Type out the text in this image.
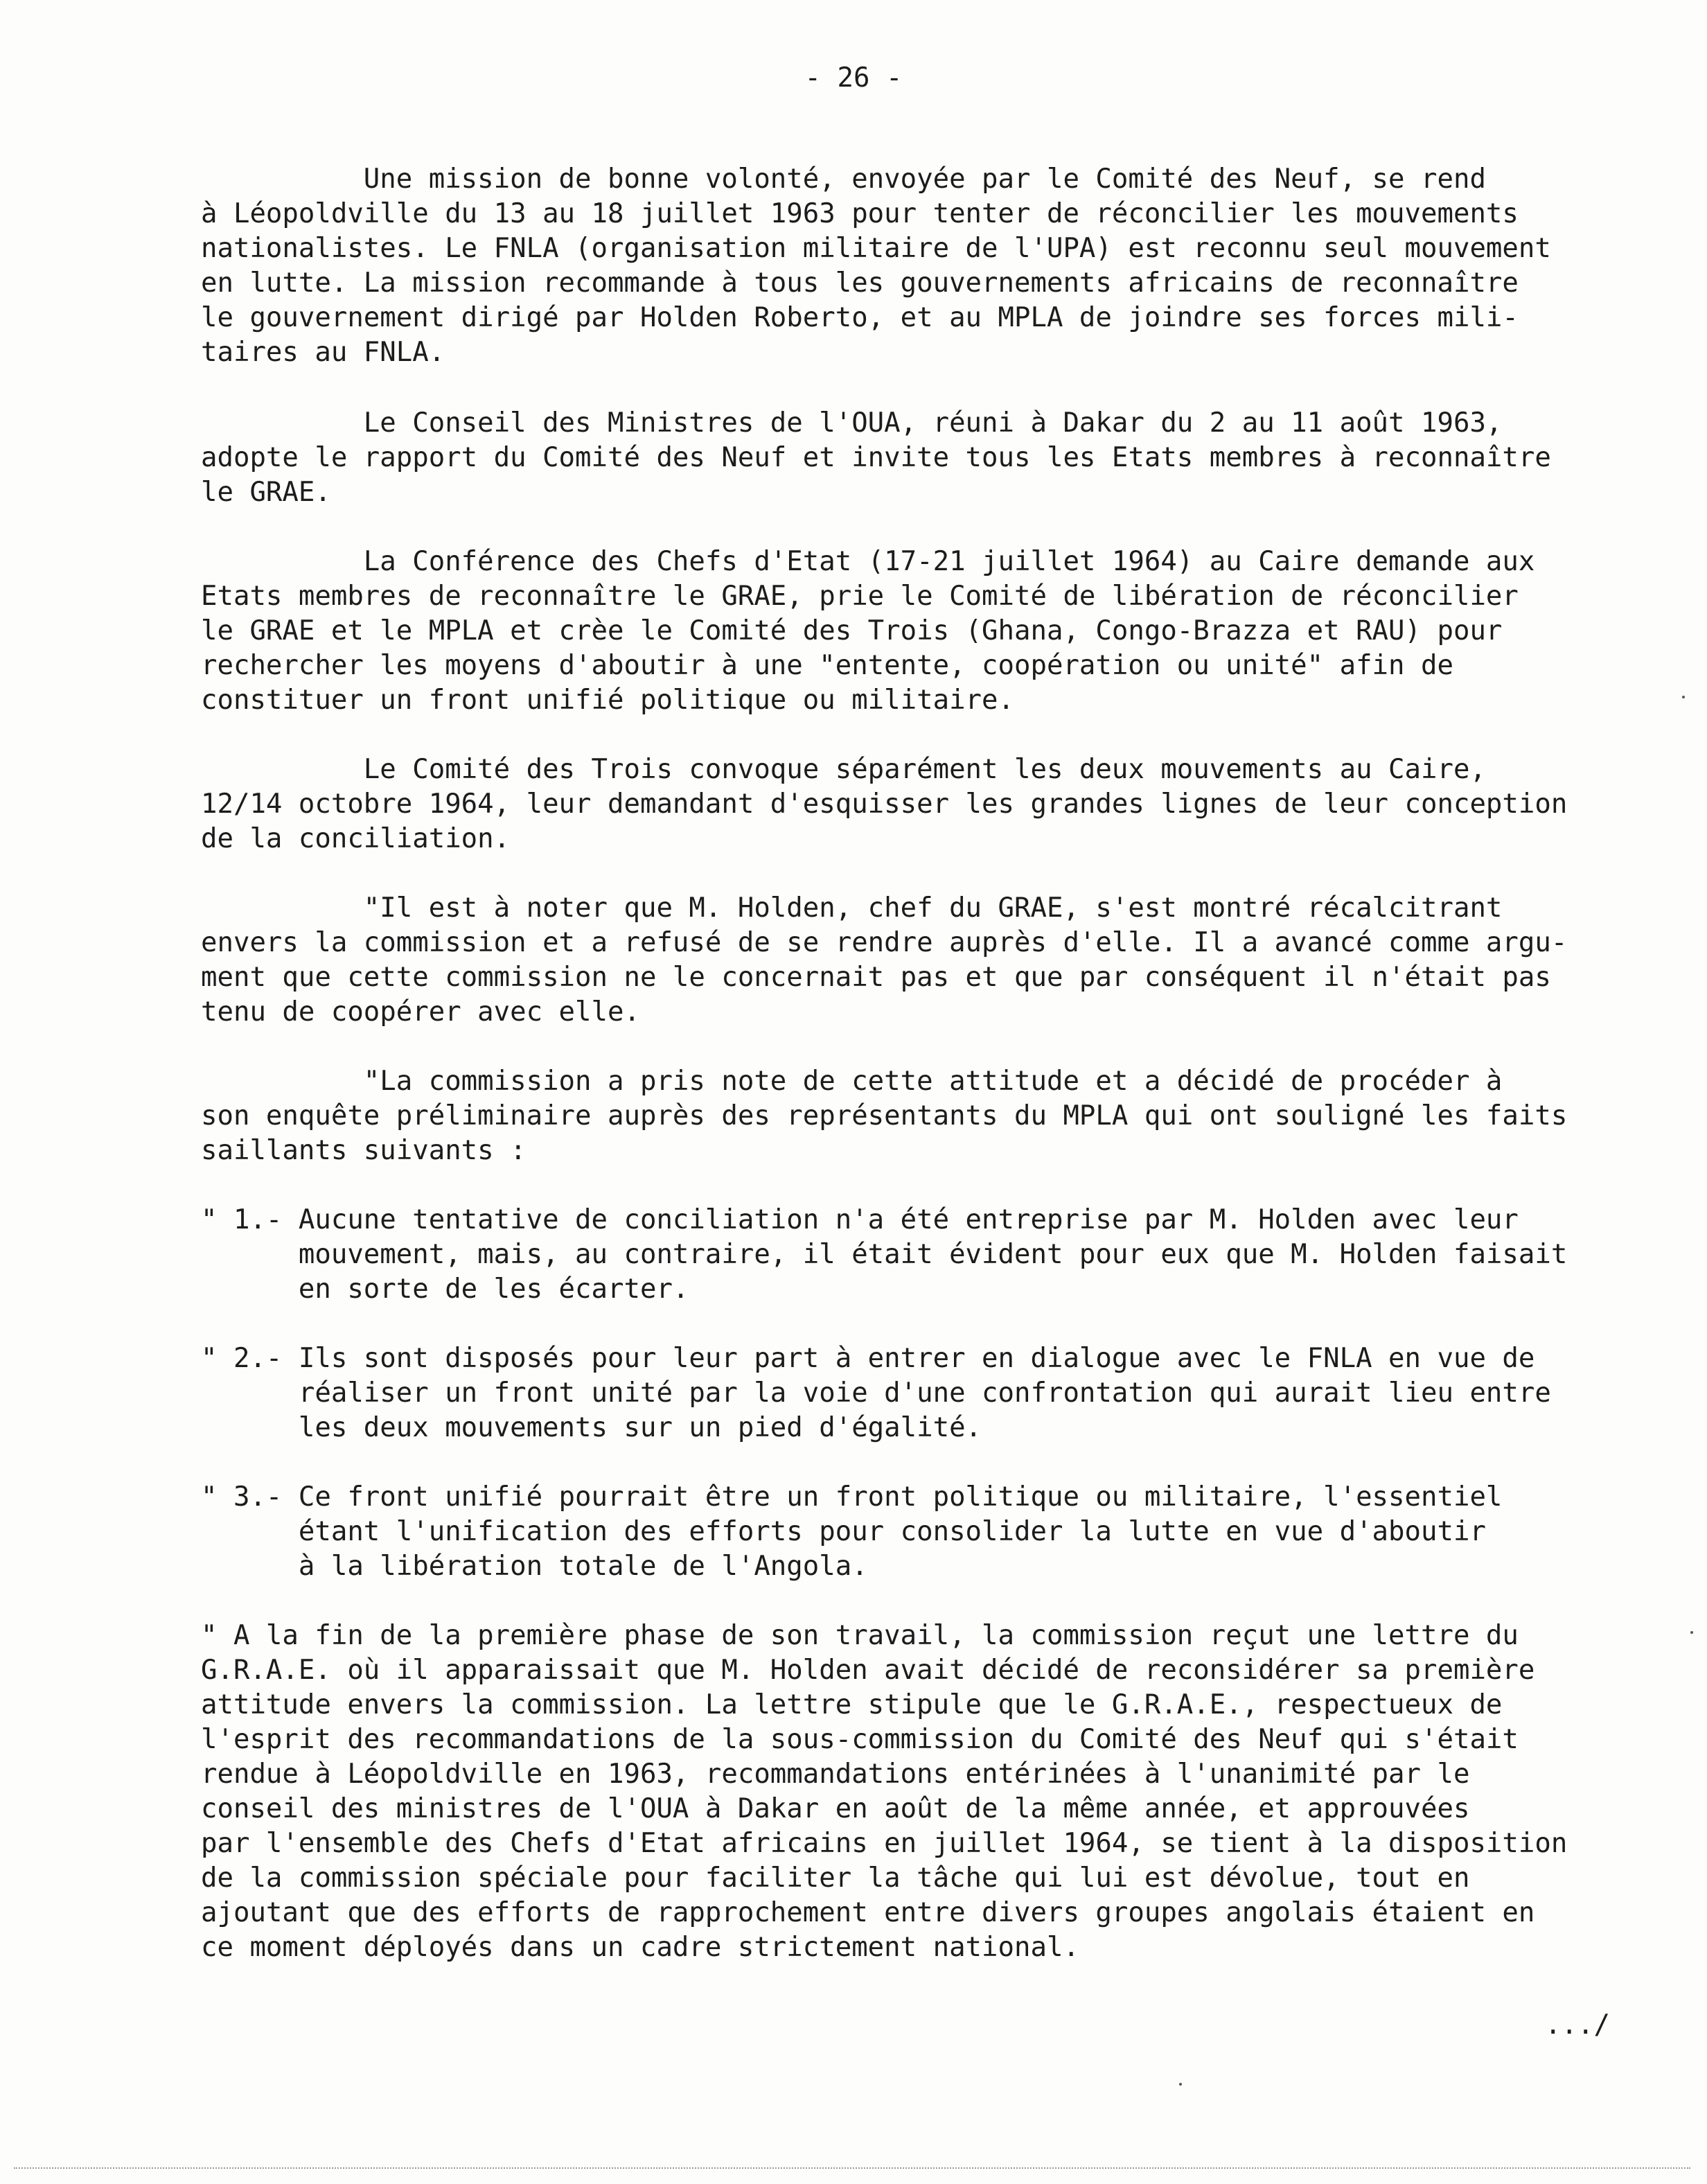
- 26 -

Une mission de bonne volonté, envoyée par le Comité des Neuf, se rend
à Léopoldville du 13 au 18 juillet 1963 pour tenter de réconcilier les mouvements
nationalistes. Le FNLA (organisation militaire de l'UPA) est reconnu seul mouvement
en lutte. La mission recommande à tous les gouvernements africains de reconnaître
le gouvernement dirigé par Holden Roberto, et au MPLA de joindre ses forces mili-
taires au FNLA.

Le Conseil des Ministres de l'OUA, réuni à Dakar du 2 au 11 août 1963,
adopte le rapport du Comité des Neuf et invite tous les Etats membres à reconnaître
le GRAE.

La Conférence des Chefs d'Etat (17-21 juillet 1964) au Caire demande aux
Etats membres de reconnaître le GRAE, prie le Comité de libération de réconcilier
le GRAE et le MPLA et crèe le Comité des Trois (Ghana, Congo-Brazza et RAU) pour
rechercher les moyens d'aboutir à une "entente, coopération ou unité" afin de
constituer un front unifié politique ou militaire.

Le Comité des Trois convoque séparément les deux mouvements au Caire,
12/14 octobre 1964, leur demandant d'esquisser les grandes lignes de leur conception
de la conciliation.

"Il est à noter que M. Holden, chef du GRAE, s'est montré récalcitrant
envers la commission et a refusé de se rendre auprès d'elle. Il a avancé comme argu-
ment que cette commission ne le concernait pas et que par conséquent il n'était pas
tenu de coopérer avec elle.

"La commission a pris note de cette attitude et a décidé de procéder à
son enquête préliminaire auprès des représentants du MPLA qui ont souligné les faits
saillants suivants :

" 1.- Aucune tentative de conciliation n'a été entreprise par M. Holden avec leur
mouvement, mais, au contraire, il était évident pour eux que M. Holden faisait
en sorte de les écarter.

" 2.- Ils sont disposés pour leur part à entrer en dialogue avec le FNLA en vue de
réaliser un front unité par la voie d'une confrontation qui aurait lieu entre
les deux mouvements sur un pied d'égalité.

" 3.- Ce front unifié pourrait être un front politique ou militaire, l'essentiel
étant l'unification des efforts pour consolider la lutte en vue d'aboutir
à la libération totale de l'Angola.

" A la fin de la première phase de son travail, la commission reçut une lettre du
G.R.A.E. où il apparaissait que M. Holden avait décidé de reconsidérer sa première
attitude envers la commission. La lettre stipule que le G.R.A.E., respectueux de
l'esprit des recommandations de la sous-commission du Comité des Neuf qui s'était
rendue à Léopoldville en 1963, recommandations entérinées à l'unanimité par le
conseil des ministres de l'OUA à Dakar en août de la même année, et approuvées
par l'ensemble des Chefs d'Etat africains en juillet 1964, se tient à la disposition
de la commission spéciale pour faciliter la tâche qui lui est dévolue, tout en
ajoutant que des efforts de rapprochement entre divers groupes angolais étaient en
ce moment déployés dans un cadre strictement national.

.../
